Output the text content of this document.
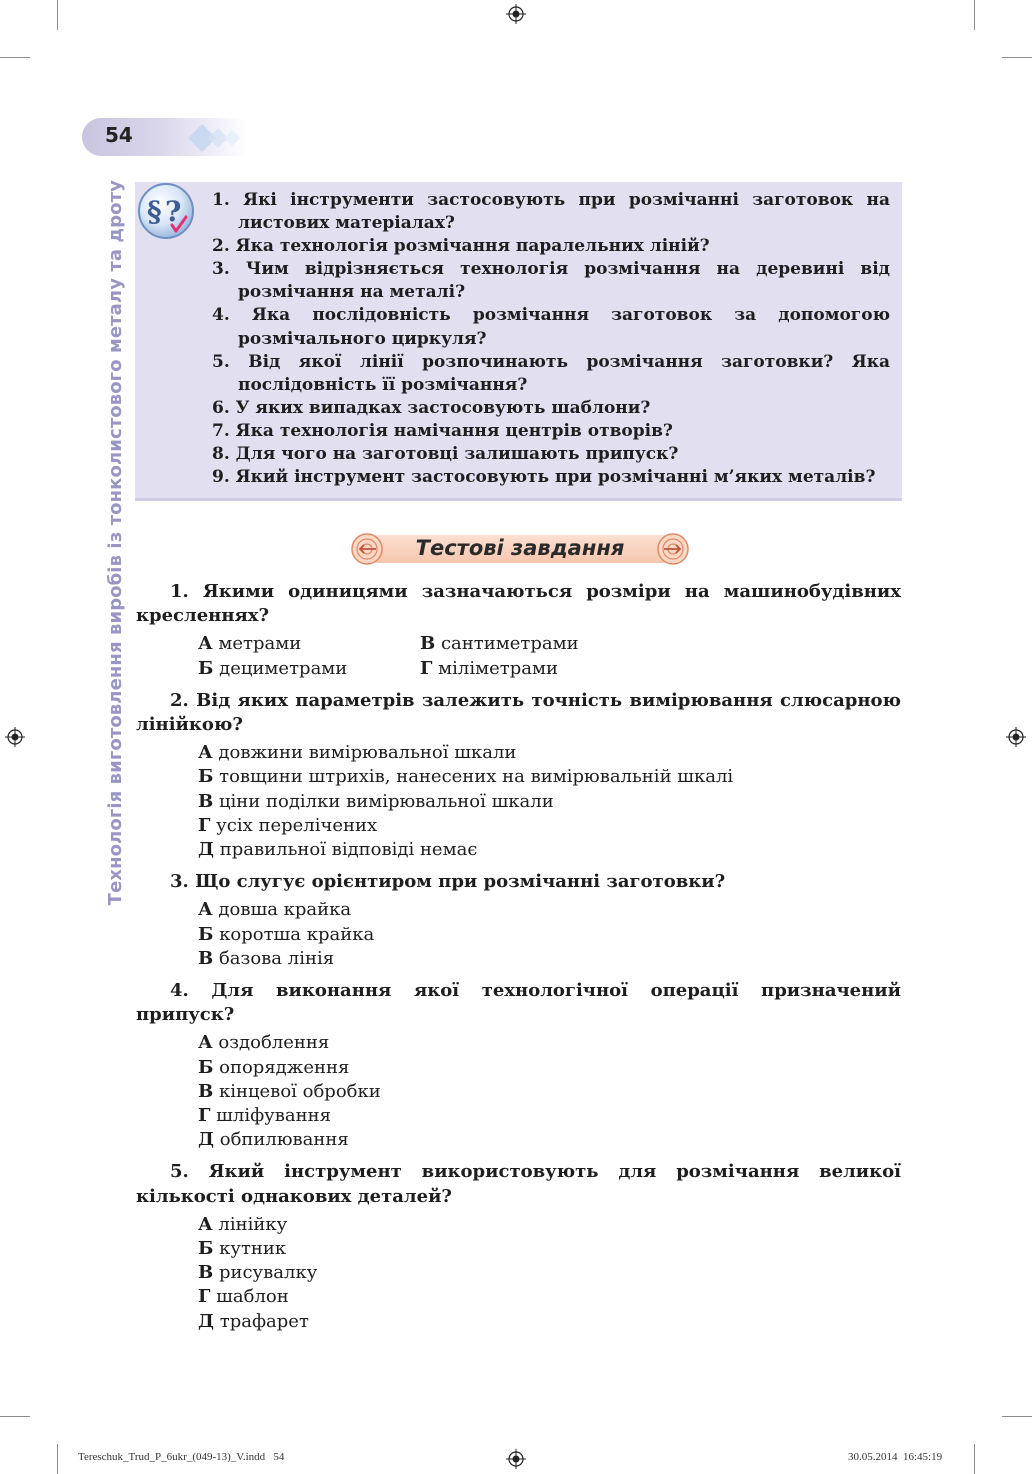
54
Технологія виготовлення виробів із тонколистового металу та дроту § ? 1. Які інструменти застосовують при розмічанні заготовок на листових матеріалах?
2. Яка технологія розмічання паралельних ліній?
3. Чим відрізняється технологія розмічання на деревині від розмічання на металі?
4. Яка послідовність розмічання заготовок за допомогою розмічального циркуля?
5. Від якої лінії розпочинають розмічання заготовки? Яка послідовність її розмічання?
6. У яких випадках застосовують шаблони?
7. Яка технологія намічання центрів отворів?
8. Для чого на заготовці залишають припуск?
9. Який інструмент застосовують при розмічанні м’яких металів?
Тестові завдання

1. Якими одиницями зазначаються розміри на машинобудівних кресленнях?

А метрами	В сантиметрами
Б дециметрами	Г міліметрами

2. Від яких параметрів залежить точність вимірювання слюсарною лінійкою?

А довжини вимірювальної шкали
Б товщини штрихів, нанесених на вимірювальній шкалі
В ціни поділки вимірювальної шкали
Г усіх перелічених
Д правильної відповіді немає

3. Що слугує орієнтиром при розмічанні заготовки?

А довша крайка
Б коротша крайка
В базова лінія

4. Для виконання якої технологічної операції призначений припуск?

А оздоблення
Б опорядження
В кінцевої обробки
Г шліфування
Д обпилювання

5. Який інструмент використовують для розмічання великої кількості однакових деталей?

А лінійку
Б кутник
В рисувалку
Г шаблон
Д трафарет
Tereschuk_Trud_P_6ukr_(049-13)_V.indd 54	30.05.2014 16:45:19
